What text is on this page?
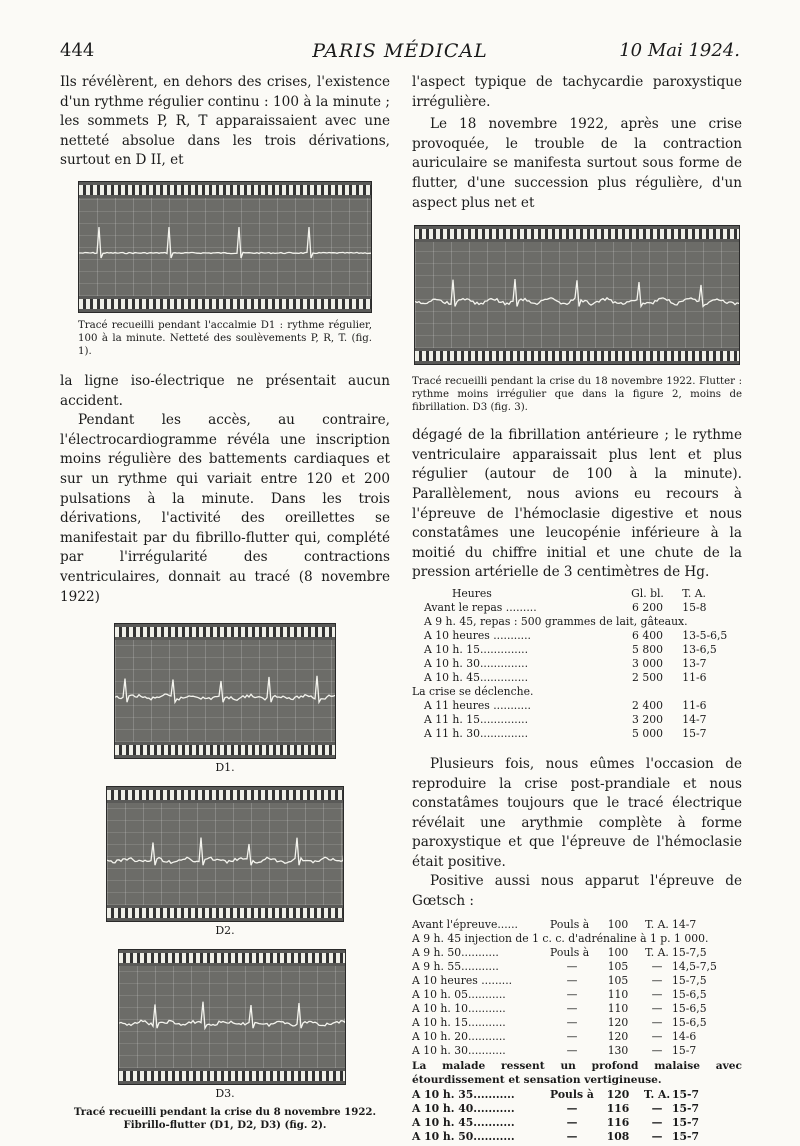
444	PARIS MÉDICAL	10 Mai 1924.

Ils révélèrent, en dehors des crises, l'existence d'un rythme régulier continu : 100 à la minute ; les sommets P, R, T apparaissaient avec une netteté absolue dans les trois dérivations, surtout en D II, et

Tracé recueilli pendant l'accalmie D1 : rythme régulier, 100 à la minute. Netteté des soulèvements P, R, T. (fig. 1).

la ligne iso-électrique ne présentait aucun accident.

Pendant les accès, au contraire, l'électrocardiogramme révéla une inscription moins régulière des battements cardiaques et sur un rythme qui variait entre 120 et 200 pulsations à la minute. Dans les trois dérivations, l'activité des oreillettes se manifestait par du fibrillo-flutter qui, complété par l'irrégularité des contractions ventriculaires, donnait au tracé (8 novembre 1922)

D1.
D2.
D3.
Tracé recueilli pendant la crise du 8 novembre 1922. Fibrillo-flutter (D1, D2, D3) (fig. 2).

l'aspect typique de tachycardie paroxystique irrégulière.

Le 18 novembre 1922, après une crise provoquée, le trouble de la contraction auriculaire se manifesta surtout sous forme de flutter, d'une succession plus régulière, d'un aspect plus net et

Tracé recueilli pendant la crise du 18 novembre 1922. Flutter : rythme moins irrégulier que dans la figure 2, moins de fibrillation. D3 (fig. 3).

dégagé de la fibrillation antérieure ; le rythme ventriculaire apparaissait plus lent et plus régulier (autour de 100 à la minute). Parallèlement, nous avions eu recours à l'épreuve de l'hémoclasie digestive et nous constatâmes une leucopénie inférieure à la moitié du chiffre initial et une chute de la pression artérielle de 3 centimètres de Hg.

Heures	Gl. bl.	T. A.
Avant le repas .........	6 200	15-8
A 9 h. 45, repas : 500 grammes de lait, gâteaux.		
A 10 heures ...........	6 400	13-5-6,5
A 10 h. 15..............	5 800	13-6,5
A 10 h. 30..............	3 000	13-7
A 10 h. 45..............	2 500	11-6
La crise se déclenche.		
A 11 heures ...........	2 400	11-6
A 11 h. 15..............	3 200	14-7
A 11 h. 30..............	5 000	15-7

Plusieurs fois, nous eûmes l'occasion de reproduire la crise post-prandiale et nous constatâmes toujours que le tracé électrique révélait une arythmie complète à forme paroxystique et que l'épreuve de l'hémoclasie était positive.

Positive aussi nous apparut l'épreuve de Gœtsch :

Avant l'épreuve......	Pouls à	100	T. A.	14-7
A 9 h. 45 injection de 1 c. c. d'adrénaline à 1 p. 1 000.				
A 9 h. 50...........	Pouls à	100	T. A.	15-7,5
A 9 h. 55...........	—	105	—	14,5-7,5
A 10 heures .........	—	105	—	15-7,5
A 10 h. 05...........	—	110	—	15-6,5
A 10 h. 10...........	—	110	—	15-6,5
A 10 h. 15...........	—	120	—	15-6,5
A 10 h. 20...........	—	120	—	14-6
A 10 h. 30...........	—	130	—	15-7

La malade ressent un profond malaise avec étourdissement et sensation vertigineuse.				

A 10 h. 35...........	Pouls à	120	T. A.	15-7
A 10 h. 40...........	—	116	—	15-7
A 10 h. 45...........	—	116	—	15-7
A 10 h. 50...........	—	108	—	15-7
